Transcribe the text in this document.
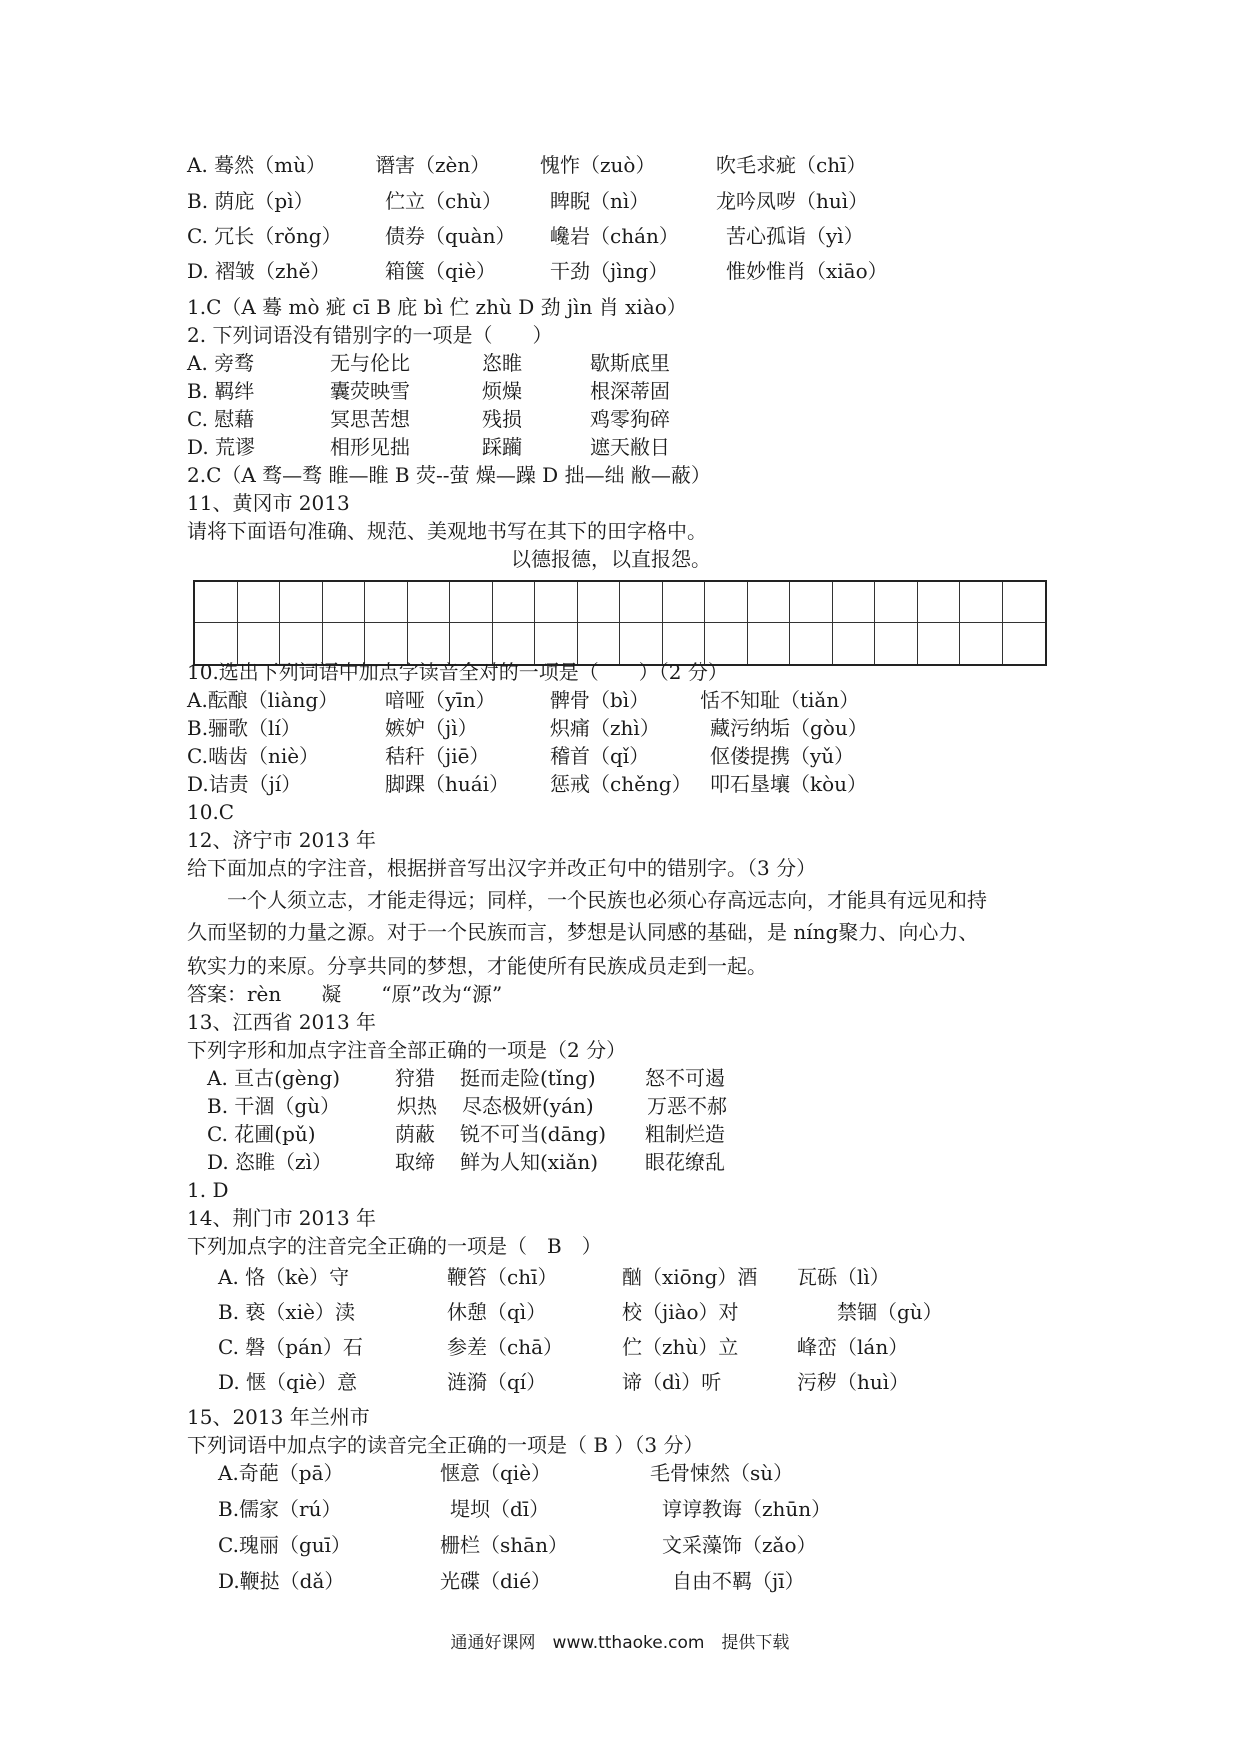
A. 蓦然（mù） 谮害（zèn） 愧怍（zuò）	吹毛求疵（chī）
B. 荫庇（pì）	伫立（chù） 睥睨（nì）	龙吟凤哕（huì）
C. 冗长（rǒng） 债券（quàn） 巉岩（chán） 苦心孤诣（yì）
D. 褶皱（zhě）	箱箧（qiè）	干劲（jìng）	惟妙惟肖（xiāo）
1.C（A 蓦 mò 疵 cī B 庇 bì 伫 zhù D 劲 jìn 肖 xiào）
2. 下列词语没有错别字的一项是（　　）
A. 旁骛	无与伦比	恣睢	歇斯底里
B. 羁绊	囊荧映雪	烦燥	根深蒂固
C. 慰藉	冥思苦想	残损	鸡零狗碎
D. 荒谬	相形见拙	踩躏	遮天敝日
2.C（A 骛—骛 睢—睢 B 荧--萤 燥—躁 D 拙—绌 敝—蔽）
11、黄冈市 2013
请将下面语句准确、规范、美观地书写在其下的田字格中。
以德报德，以直报怨。
10.选出下列词语中加点字读音全对的一项是（　　）（2 分）
A.酝酿（liàng） 喑哑（yīn）	髀骨（bì）	恬不知耻（tiǎn）
B.骊歌（lí）	嫉妒（jì）	炽痛（zhì）	藏污纳垢（gòu）
C.啮齿（niè）	秸秆（jiē）	稽首（qǐ）	伛偻提携（yǔ）
D.诘责（jí）	脚踝（huái） 惩戒（chěng） 叩石垦壤（kòu）
10.C
12、济宁市 2013 年
给下面加点的字注音，根据拼音写出汉字并改正句中的错别字。（3 分）
　　一个人须立志，才能走得远；同样，一个民族也必须心存高远志向，才能具有远见和持
久而坚韧的力量之源。对于一个民族而言，梦想是认同感的基础，是 níng聚力、向心力、
软实力的来原。分享共同的梦想，才能使所有民族成员走到一起。
答案：rèn　　凝　　“原”改为“源”
13、江西省 2013 年
下列字形和加点字注音全部正确的一项是（2 分）
A. 亘古(gèng)	狩猎 挺而走险(tǐng) 怒不可遏
B. 干涸（gù）	炽热 尽态极妍(yán)	万恶不郝
C. 花圃(pǔ)	荫蔽 锐不可当(dāng) 粗制烂造
D. 恣睢（zì）	取缔 鲜为人知(xiǎn) 眼花缭乱
1. D
14、荆门市 2013 年
下列加点字的注音完全正确的一项是（　B　）
A. 恪（kè）守	鞭笞（chī）	酗（xiōng）酒 瓦砾（lì）
B. 亵（xiè）渎	休憩（qì）	校（jiào）对	禁锢（gù）
C. 磐（pán）石	参差（chā）	伫（zhù）立	峰峦（lán）
D. 惬（qiè）意	涟漪（qí）	谛（dì）听	污秽（huì）
15、2013 年兰州市
下列词语中加点字的读音完全正确的一项是（ B ）（3 分）
A.奇葩（pā）	惬意（qiè）	毛骨悚然（sù）
B.儒家（rú）	堤坝（dī）	谆谆教诲（zhūn）
C.瑰丽（guī）	栅栏（shān）	文采藻饰（zǎo）
D.鞭挞（dǎ）	光碟（dié）	自由不羁（jī）
通通好课网　www.tthaoke.com　提供下载
